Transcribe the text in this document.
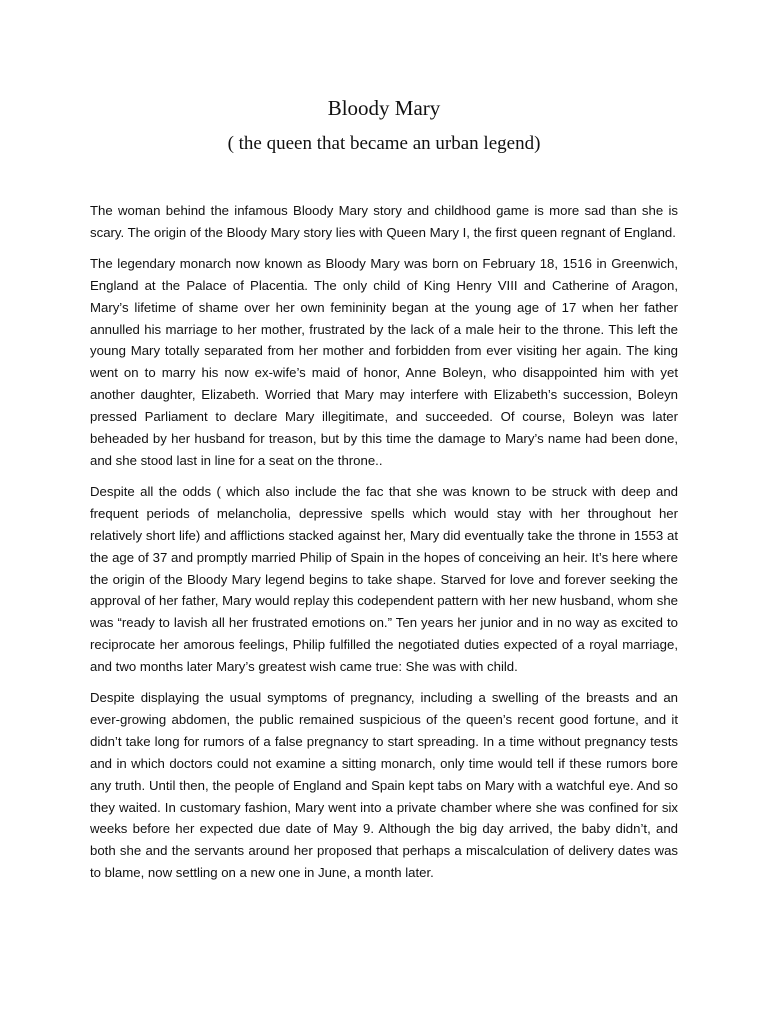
Bloody Mary
( the queen that became an urban legend)

The woman behind the infamous Bloody Mary story and childhood game is more sad than she is scary. The origin of the Bloody Mary story lies with Queen Mary I, the first queen regnant of England.

The legendary monarch now known as Bloody Mary was born on February 18, 1516 in Greenwich, England at the Palace of Placentia. The only child of King Henry VIII and Catherine of Aragon, Mary’s lifetime of shame over her own femininity began at the young age of 17 when her father annulled his marriage to her mother, frustrated by the lack of a male heir to the throne. This left the young Mary totally separated from her mother and forbidden from ever visiting her again. The king went on to marry his now ex-wife’s maid of honor, Anne Boleyn, who disappointed him with yet another daughter, Elizabeth. Worried that Mary may interfere with Elizabeth’s succession, Boleyn pressed Parliament to declare Mary illegitimate, and succeeded. Of course, Boleyn was later beheaded by her husband for treason, but by this time the damage to Mary’s name had been done, and she stood last in line for a seat on the throne..

Despite all the odds ( which also include the fac that she was known to be struck with deep and frequent periods of melancholia, depressive spells which would stay with her throughout her relatively short life) and afflictions stacked against her, Mary did eventually take the throne in 1553 at the age of 37 and promptly married Philip of Spain in the hopes of conceiving an heir. It’s here where the origin of the Bloody Mary legend begins to take shape. Starved for love and forever seeking the approval of her father, Mary would replay this codependent pattern with her new husband, whom she was “ready to lavish all her frustrated emotions on.” Ten years her junior and in no way as excited to reciprocate her amorous feelings, Philip fulfilled the negotiated duties expected of a royal marriage, and two months later Mary’s greatest wish came true: She was with child.

Despite displaying the usual symptoms of pregnancy, including a swelling of the breasts and an ever-growing abdomen, the public remained suspicious of the queen’s recent good fortune, and it didn’t take long for rumors of a false pregnancy to start spreading. In a time without pregnancy tests and in which doctors could not examine a sitting monarch, only time would tell if these rumors bore any truth. Until then, the people of England and Spain kept tabs on Mary with a watchful eye. And so they waited. In customary fashion, Mary went into a private chamber where she was confined for six weeks before her expected due date of May 9. Although the big day arrived, the baby didn’t, and both she and the servants around her proposed that perhaps a miscalculation of delivery dates was to blame, now settling on a new one in June, a month later.
